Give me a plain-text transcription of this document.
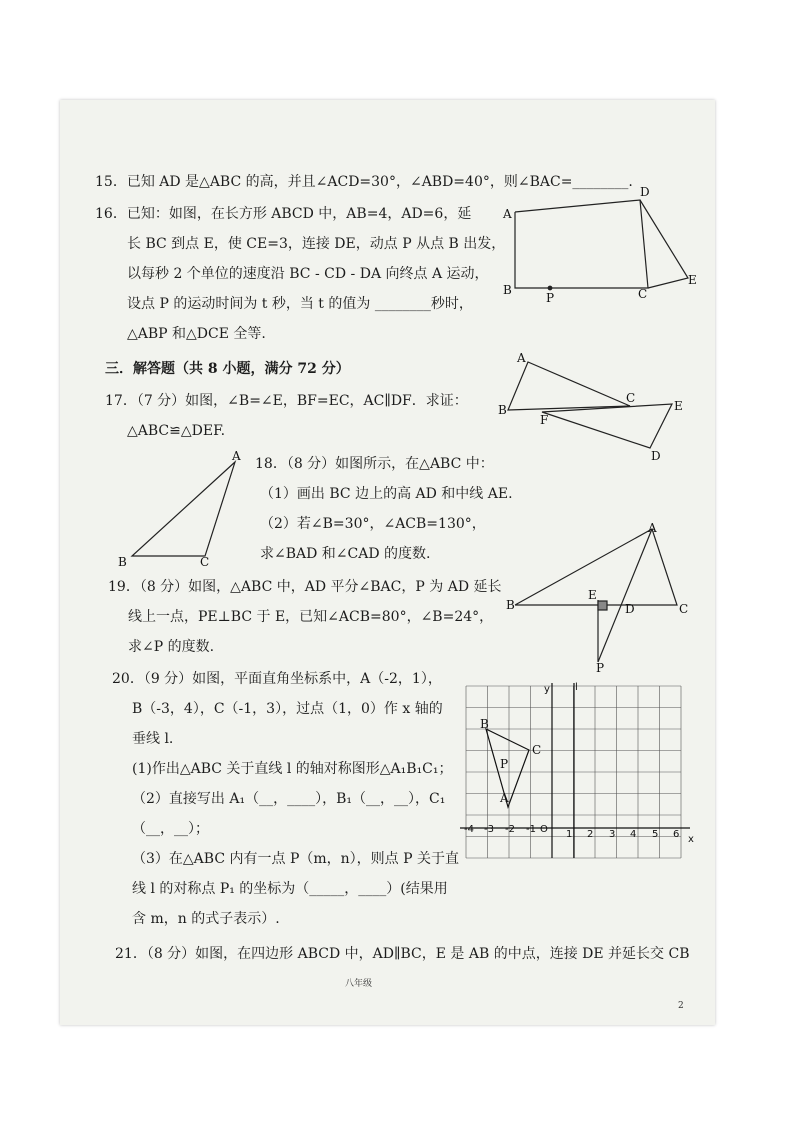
15．已知 AD 是△ABC 的高，并且∠ACD=30°，∠ABD=40°，则∠BAC=________.
16．已知：如图，在长方形 ABCD 中，AB=4，AD=6，延
长 BC 到点 E，使 CE=3，连接 DE，动点 P 从点 B 出发，
以每秒 2 个单位的速度沿 BC - CD - DA 向终点 A 运动，
设点 P 的运动时间为 t 秒，当 t 的值为 ________秒时，
△ABP 和△DCE 全等.
三．解答题（共 8 小题，满分 72 分）
17．（7 分）如图，∠B=∠E，BF=EC，AC∥DF．求证：
△ABC≌△DEF.
18．（8 分）如图所示，在△ABC 中：
（1）画出 BC 边上的高 AD 和中线 AE.
（2）若∠B=30°，∠ACB=130°，
求∠BAD 和∠CAD 的度数.
19．（8 分）如图，△ABC 中，AD 平分∠BAC，P 为 AD 延长
线上一点，PE⊥BC 于 E，已知∠ACB=80°，∠B=24°，
求∠P 的度数.
20．（9 分）如图，平面直角坐标系中，A（-2，1），
B（-3，4），C（-1，3），过点（1，0）作 x 轴的
垂线 l.
(1)作出△ABC 关于直线 l 的轴对称图形△A₁B₁C₁；
（2）直接写出 A₁（__，____），B₁（__，__），C₁
（__，__）；
（3）在△ABC 内有一点 P（m，n），则点 P 关于直
线 l 的对称点 P₁ 的坐标为（_____，____）(结果用
含 m，n 的式子表示）.
21．（8 分）如图，在四边形 ABCD 中，AD∥BC，E 是 AB 的中点，连接 DE 并延长交 CB
八年级
2
A
D
B
P	C
E
A
C
E
B
F
D
A
B	C
A
B
E
D	C
P
y	l
x
-4 -3 -2 -1 O 1 2 3 4 5 6
B
C
P
A
